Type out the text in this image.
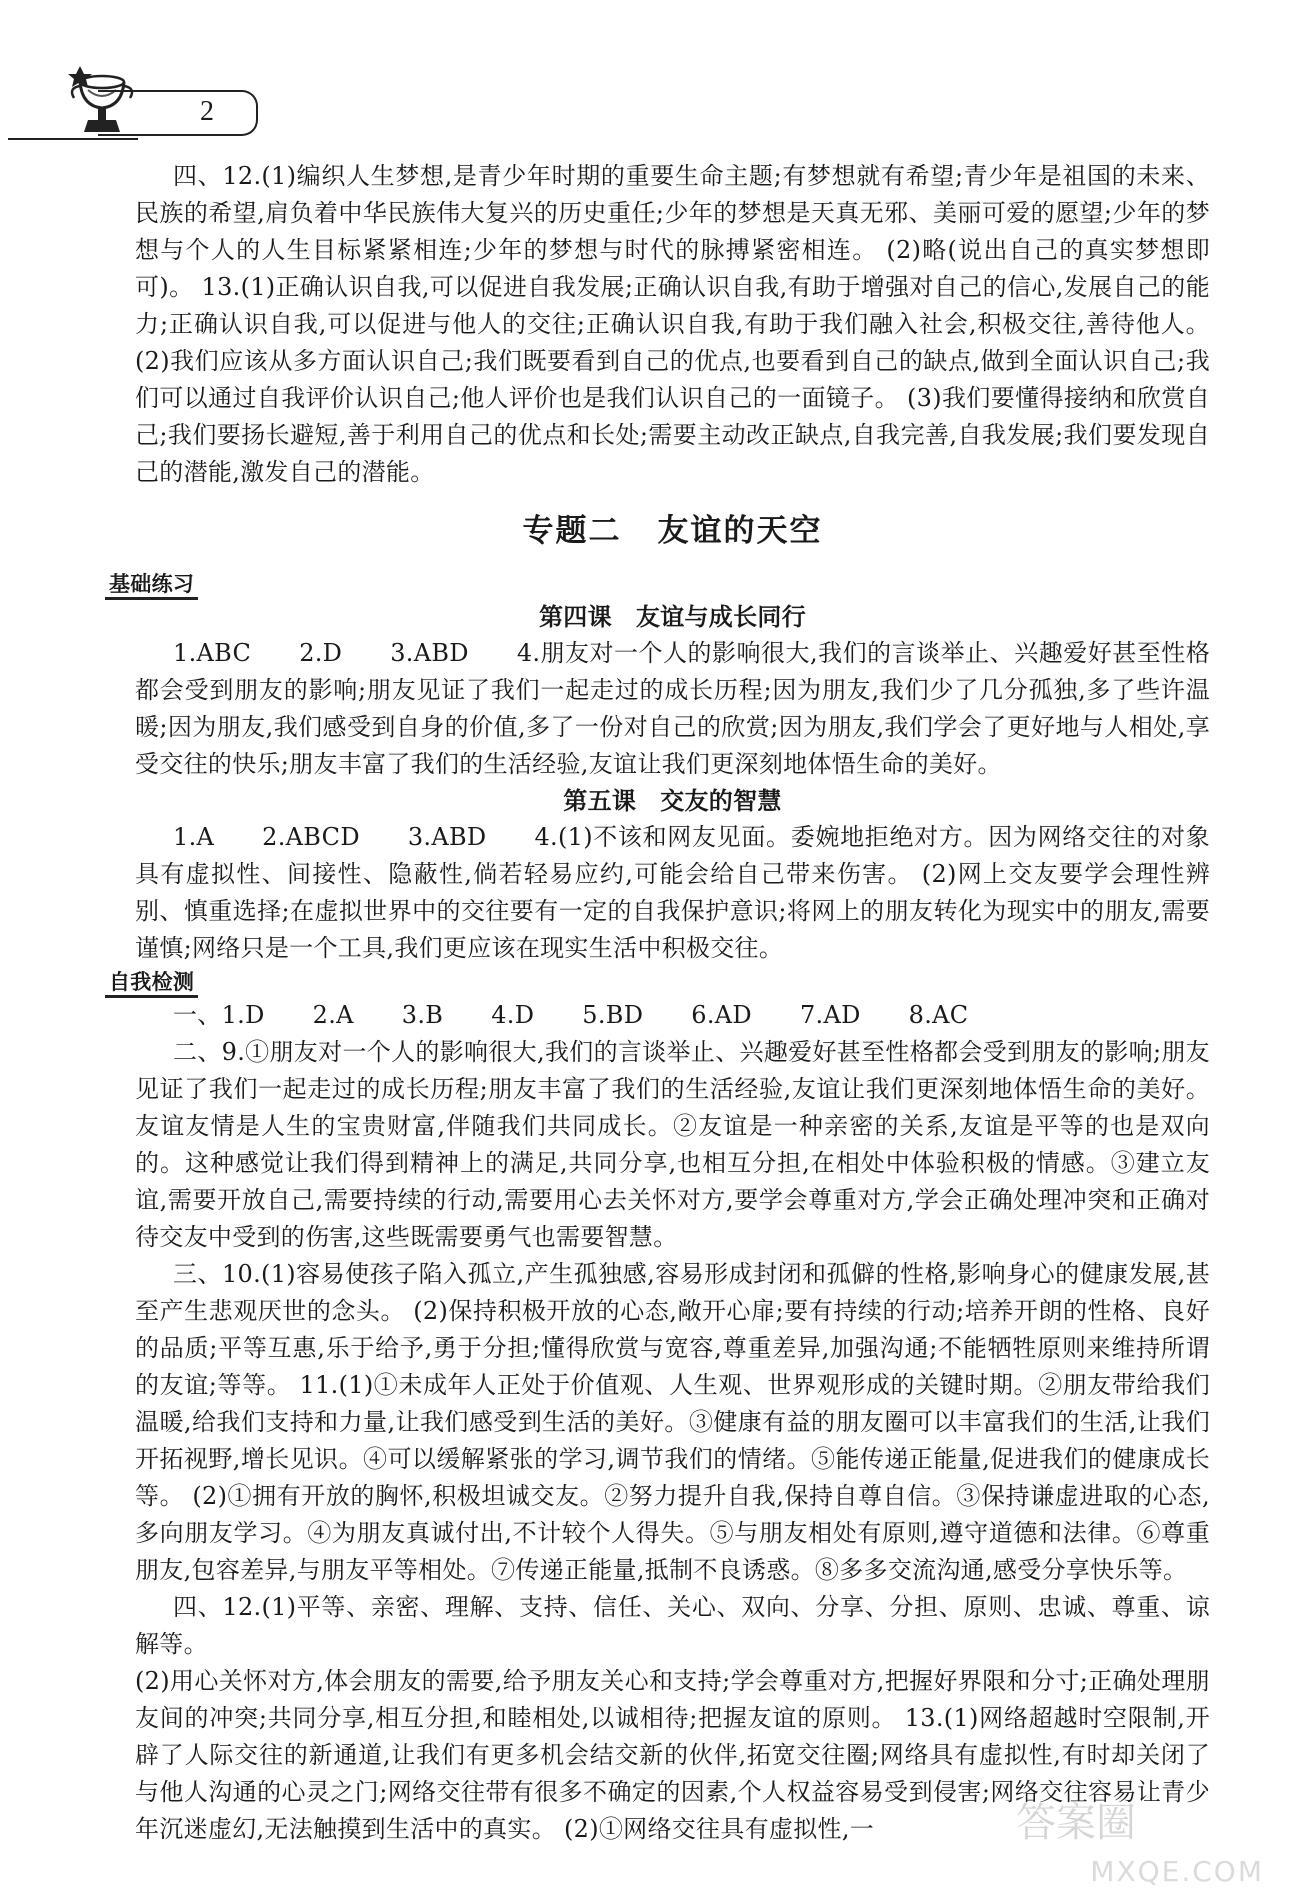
2

四、12.(1)编织人生梦想,是青少年时期的重要生命主题;有梦想就有希望;青少年是祖国的未来、民族的希望,肩负着中华民族伟大复兴的历史重任;少年的梦想是天真无邪、美丽可爱的愿望;少年的梦想与个人的人生目标紧紧相连;少年的梦想与时代的脉搏紧密相连。 (2)略(说出自己的真实梦想即可)。 13.(1)正确认识自我,可以促进自我发展;正确认识自我,有助于增强对自己的信心,发展自己的能力;正确认识自我,可以促进与他人的交往;正确认识自我,有助于我们融入社会,积极交往,善待他人。 (2)我们应该从多方面认识自己;我们既要看到自己的优点,也要看到自己的缺点,做到全面认识自己;我们可以通过自我评价认识自己;他人评价也是我们认识自己的一面镜子。 (3)我们要懂得接纳和欣赏自己;我们要扬长避短,善于利用自己的优点和长处;需要主动改正缺点,自我完善,自我发展;我们要发现自己的潜能,激发自己的潜能。

专题二 友谊的天空
基础练习
第四课 友谊与成长同行

1.ABC 2.D 3.ABD 4.朋友对一个人的影响很大,我们的言谈举止、兴趣爱好甚至性格都会受到朋友的影响;朋友见证了我们一起走过的成长历程;因为朋友,我们少了几分孤独,多了些许温暖;因为朋友,我们感受到自身的价值,多了一份对自己的欣赏;因为朋友,我们学会了更好地与人相处,享受交往的快乐;朋友丰富了我们的生活经验,友谊让我们更深刻地体悟生命的美好。

第五课 交友的智慧

1.A 2.ABCD 3.ABD 4.(1)不该和网友见面。委婉地拒绝对方。因为网络交往的对象具有虚拟性、间接性、隐蔽性,倘若轻易应约,可能会给自己带来伤害。 (2)网上交友要学会理性辨别、慎重选择;在虚拟世界中的交往要有一定的自我保护意识;将网上的朋友转化为现实中的朋友,需要谨慎;网络只是一个工具,我们更应该在现实生活中积极交往。

自我检测

一、1.D 2.A 3.B 4.D 5.BD 6.AD 7.AD 8.AC

二、9.①朋友对一个人的影响很大,我们的言谈举止、兴趣爱好甚至性格都会受到朋友的影响;朋友见证了我们一起走过的成长历程;朋友丰富了我们的生活经验,友谊让我们更深刻地体悟生命的美好。友谊友情是人生的宝贵财富,伴随我们共同成长。②友谊是一种亲密的关系,友谊是平等的也是双向的。这种感觉让我们得到精神上的满足,共同分享,也相互分担,在相处中体验积极的情感。③建立友谊,需要开放自己,需要持续的行动,需要用心去关怀对方,要学会尊重对方,学会正确处理冲突和正确对待交友中受到的伤害,这些既需要勇气也需要智慧。

三、10.(1)容易使孩子陷入孤立,产生孤独感,容易形成封闭和孤僻的性格,影响身心的健康发展,甚至产生悲观厌世的念头。 (2)保持积极开放的心态,敞开心扉;要有持续的行动;培养开朗的性格、良好的品质;平等互惠,乐于给予,勇于分担;懂得欣赏与宽容,尊重差异,加强沟通;不能牺牲原则来维持所谓的友谊;等等。 11.(1)①未成年人正处于价值观、人生观、世界观形成的关键时期。②朋友带给我们温暖,给我们支持和力量,让我们感受到生活的美好。③健康有益的朋友圈可以丰富我们的生活,让我们开拓视野,增长见识。④可以缓解紧张的学习,调节我们的情绪。⑤能传递正能量,促进我们的健康成长等。 (2)①拥有开放的胸怀,积极坦诚交友。②努力提升自我,保持自尊自信。③保持谦虚进取的心态,多向朋友学习。④为朋友真诚付出,不计较个人得失。⑤与朋友相处有原则,遵守道德和法律。⑥尊重朋友,包容差异,与朋友平等相处。⑦传递正能量,抵制不良诱惑。⑧多多交流沟通,感受分享快乐等。

四、12.(1)平等、亲密、理解、支持、信任、关心、双向、分享、分担、原则、忠诚、尊重、谅解等。

(2)用心关怀对方,体会朋友的需要,给予朋友关心和支持;学会尊重对方,把握好界限和分寸;正确处理朋友间的冲突;共同分享,相互分担,和睦相处,以诚相待;把握友谊的原则。 13.(1)网络超越时空限制,开辟了人际交往的新通道,让我们有更多机会结交新的伙伴,拓宽交往圈;网络具有虚拟性,有时却关闭了与他人沟通的心灵之门;网络交往带有很多不确定的因素,个人权益容易受到侵害;网络交往容易让青少年沉迷虚幻,无法触摸到生活中的真实。 (2)①网络交往具有虚拟性,一	答案圈
MXQE.COM
